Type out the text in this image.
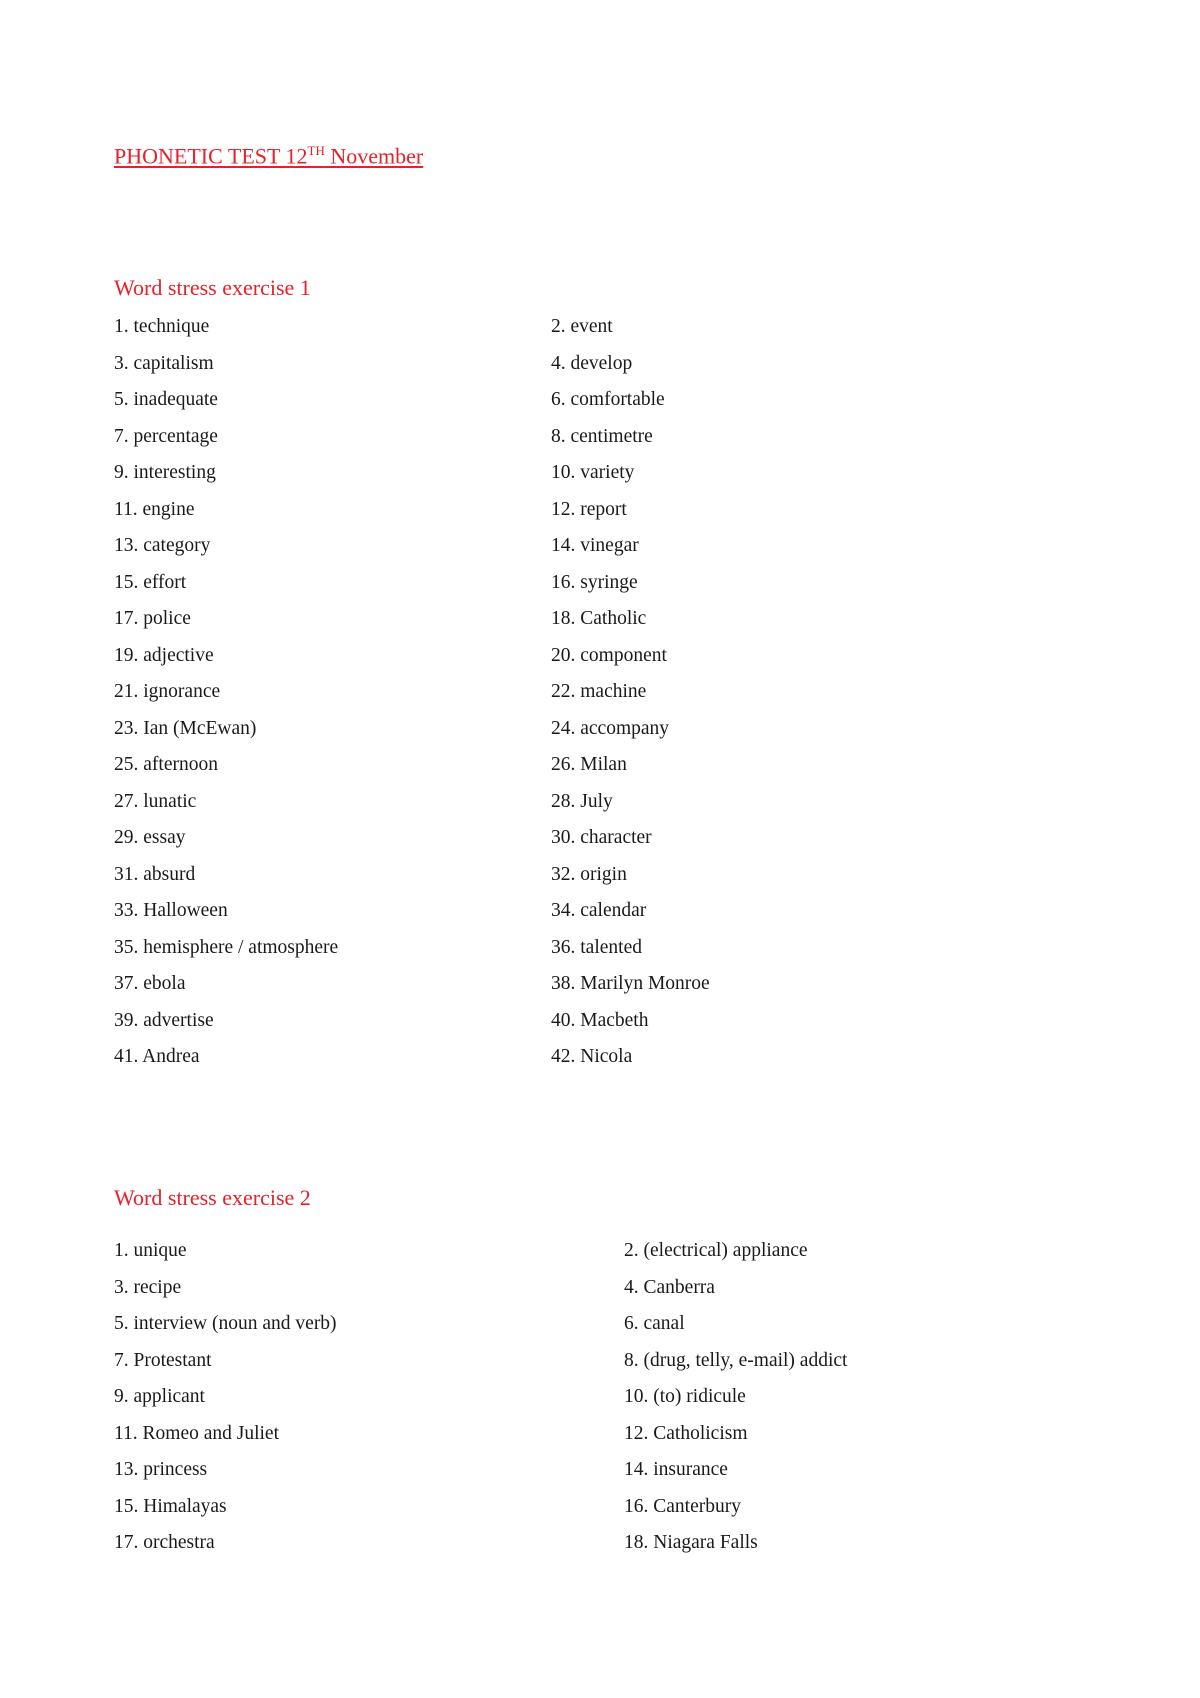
PHONETIC TEST 12TH November
Word stress exercise 1
1. technique	2. event
3. capitalism	4. develop
5. inadequate	6. comfortable
7. percentage	8. centimetre
9. interesting	10. variety
11. engine	12. report
13. category	14. vinegar
15. effort	16. syringe
17. police	18. Catholic
19. adjective	20. component
21. ignorance	22. machine
23. Ian (McEwan)	24. accompany
25. afternoon	26. Milan
27. lunatic	28. July
29. essay	30. character
31. absurd	32. origin
33. Halloween	34. calendar
35. hemisphere / atmosphere	36. talented
37. ebola	38. Marilyn Monroe
39. advertise	40. Macbeth
41. Andrea	42. Nicola
Word stress exercise 2
1. unique	2. (electrical) appliance
3. recipe	4. Canberra
5. interview (noun and verb)	6. canal
7. Protestant	8. (drug, telly, e-mail) addict
9. applicant	10. (to) ridicule
11. Romeo and Juliet	12. Catholicism
13. princess	14. insurance
15. Himalayas	16. Canterbury
17. orchestra	18. Niagara Falls
